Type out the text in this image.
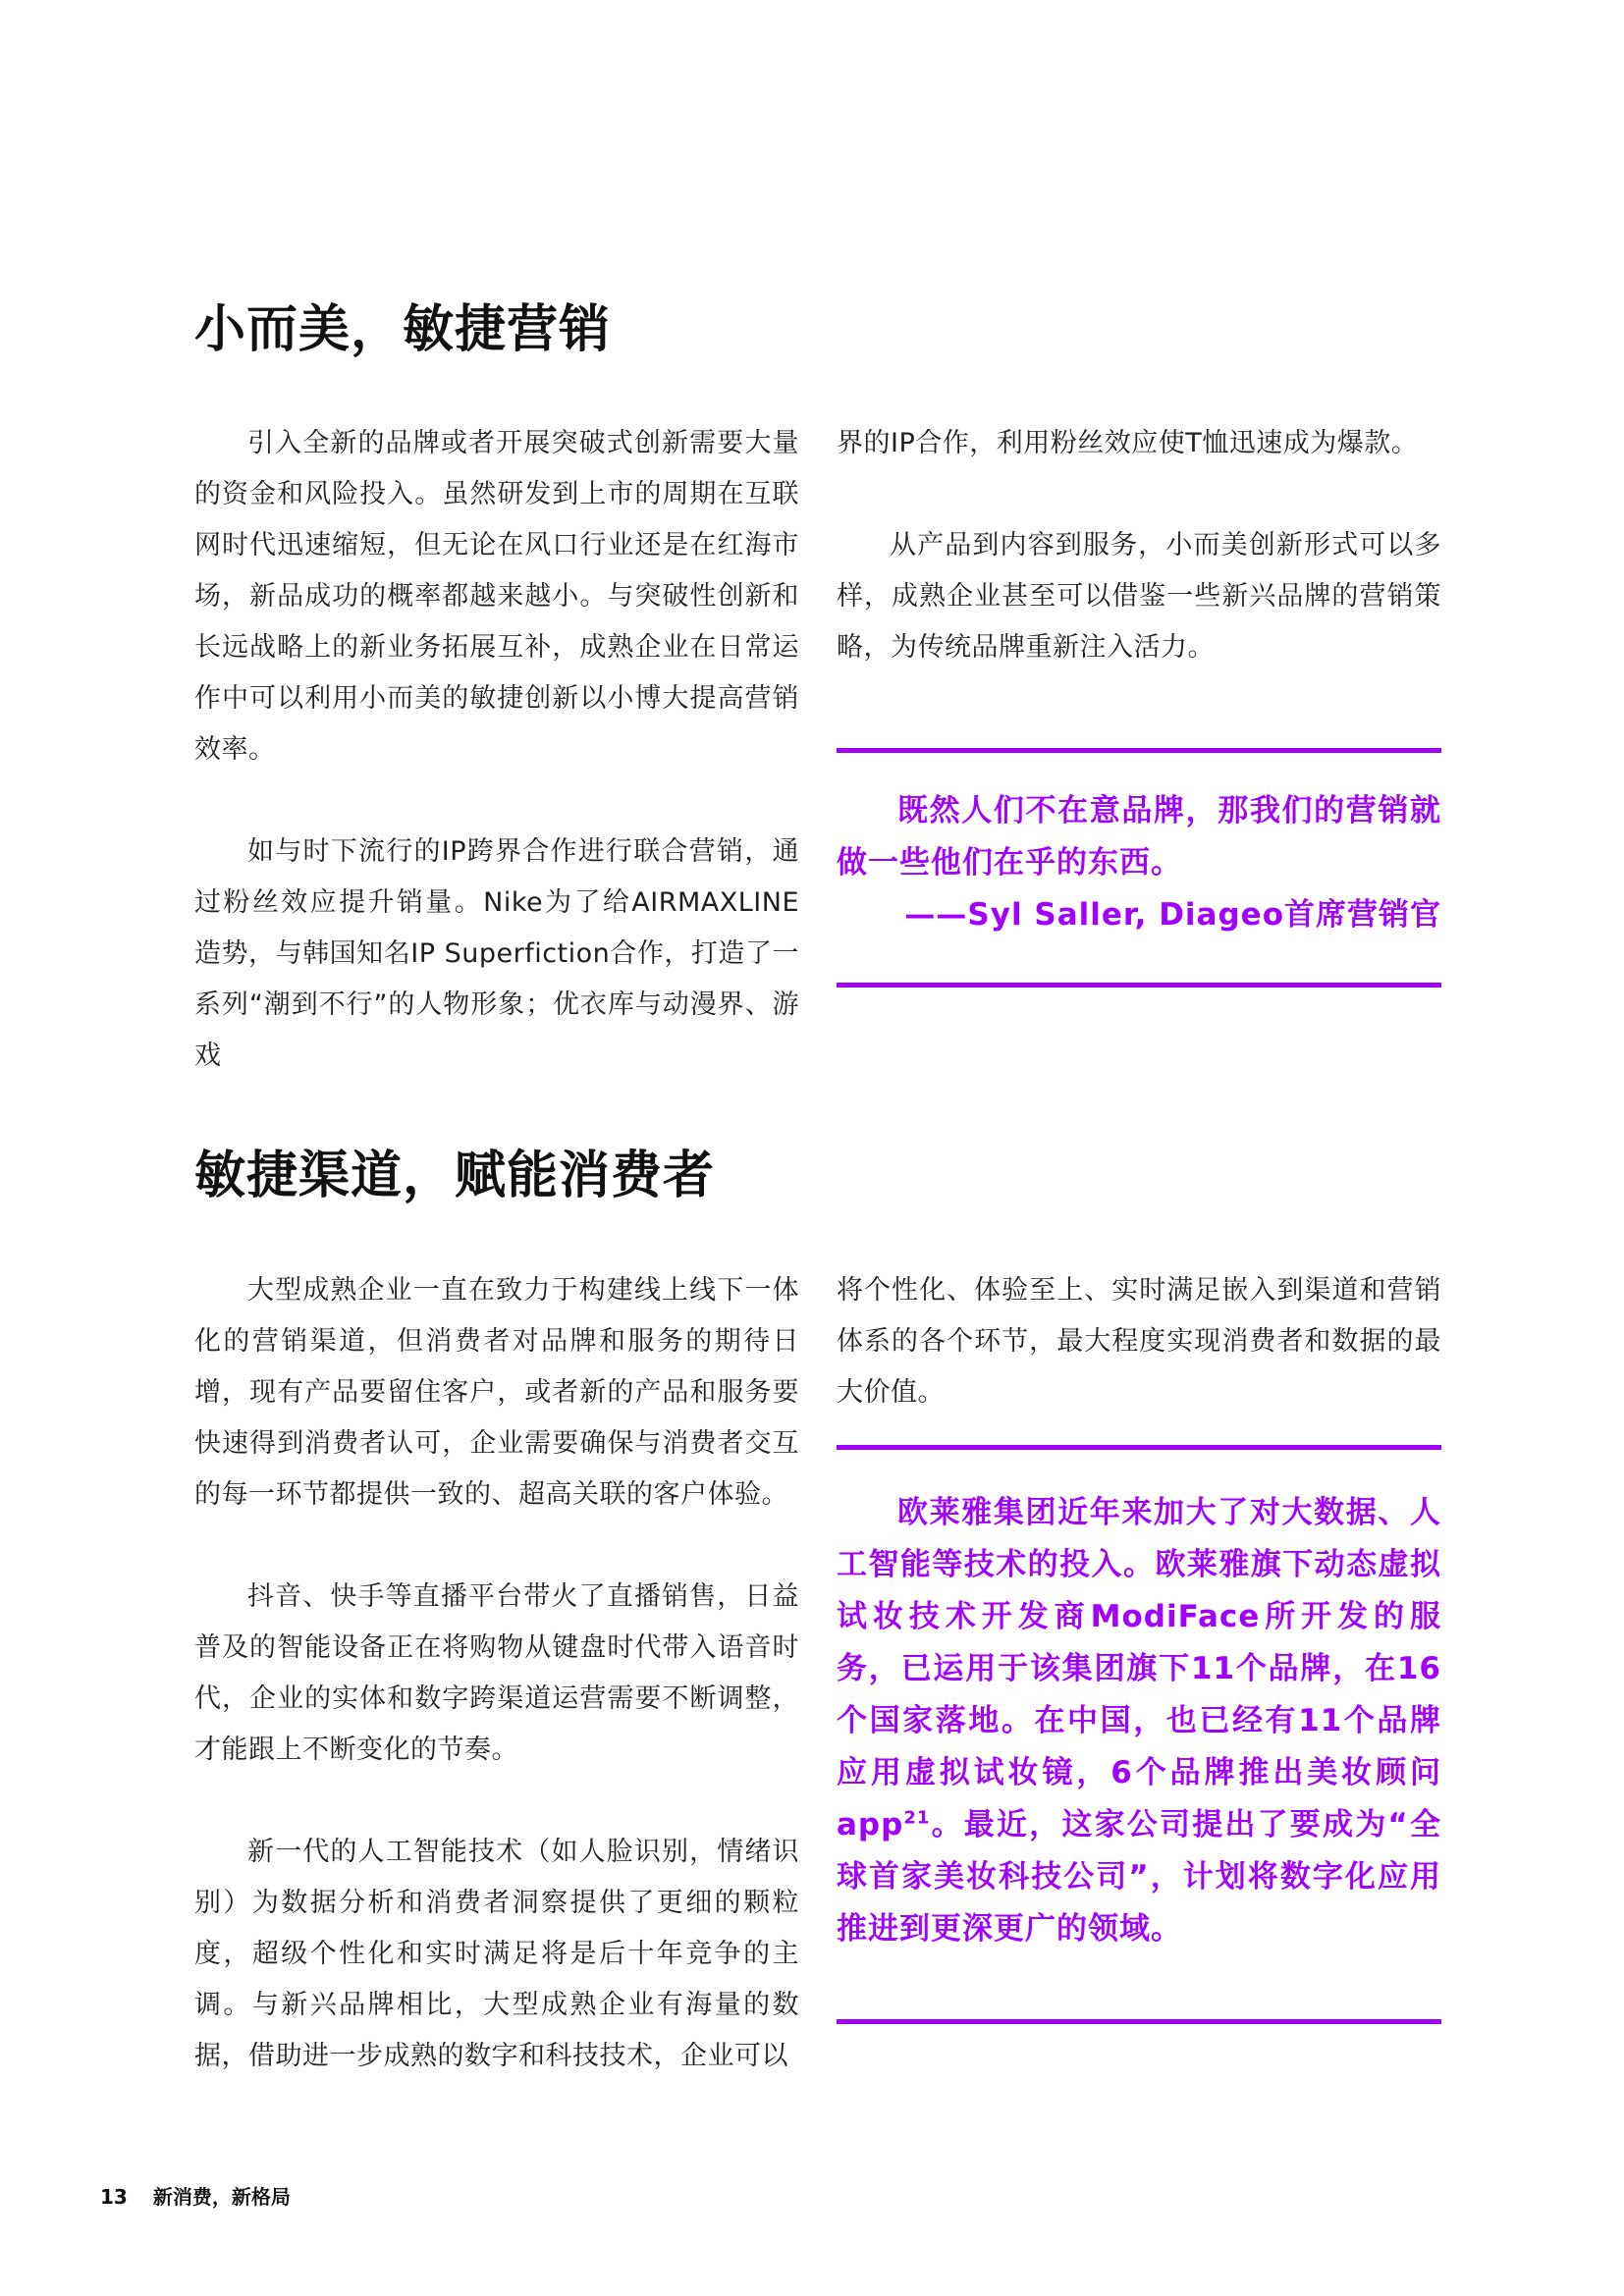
小而美，敏捷营销

引入全新的品牌或者开展突破式创新需要大量的资金和风险投入。虽然研发到上市的周期在互联网时代迅速缩短，但无论在风口行业还是在红海市场，新品成功的概率都越来越小。与突破性创新和长远战略上的新业务拓展互补，成熟企业在日常运作中可以利用小而美的敏捷创新以小博大提高营销效率。

如与时下流行的IP跨界合作进行联合营销，通过粉丝效应提升销量。Nike为了给AIRMAXLINE造势，与韩国知名IP Superfiction合作，打造了一系列“潮到不行”的人物形象；优衣库与动漫界、游戏

界的IP合作，利用粉丝效应使T恤迅速成为爆款。

从产品到内容到服务，小而美创新形式可以多样，成熟企业甚至可以借鉴一些新兴品牌的营销策略，为传统品牌重新注入活力。

既然人们不在意品牌，那我们的营销就做一些他们在乎的东西。

——Syl Saller, Diageo首席营销官

敏捷渠道，赋能消费者

大型成熟企业一直在致力于构建线上线下一体化的营销渠道，但消费者对品牌和服务的期待日增，现有产品要留住客户，或者新的产品和服务要快速得到消费者认可，企业需要确保与消费者交互的每一环节都提供一致的、超高关联的客户体验。

抖音、快手等直播平台带火了直播销售，日益普及的智能设备正在将购物从键盘时代带入语音时代，企业的实体和数字跨渠道运营需要不断调整，才能跟上不断变化的节奏。

新一代的人工智能技术（如人脸识别，情绪识别）为数据分析和消费者洞察提供了更细的颗粒度，超级个性化和实时满足将是后十年竞争的主调。与新兴品牌相比，大型成熟企业有海量的数据，借助进一步成熟的数字和科技技术，企业可以

将个性化、体验至上、实时满足嵌入到渠道和营销体系的各个环节，最大程度实现消费者和数据的最大价值。

欧莱雅集团近年来加大了对大数据、人工智能等技术的投入。欧莱雅旗下动态虚拟试妆技术开发商ModiFace所开发的服务，已运用于该集团旗下11个品牌，在16个国家落地。在中国，也已经有11个品牌应用虚拟试妆镜，6个品牌推出美妆顾问app$^{21}$。最近，这家公司提出了要成为“全球首家美妆科技公司”，计划将数字化应用推进到更深更广的领域。

13 新消费，新格局
